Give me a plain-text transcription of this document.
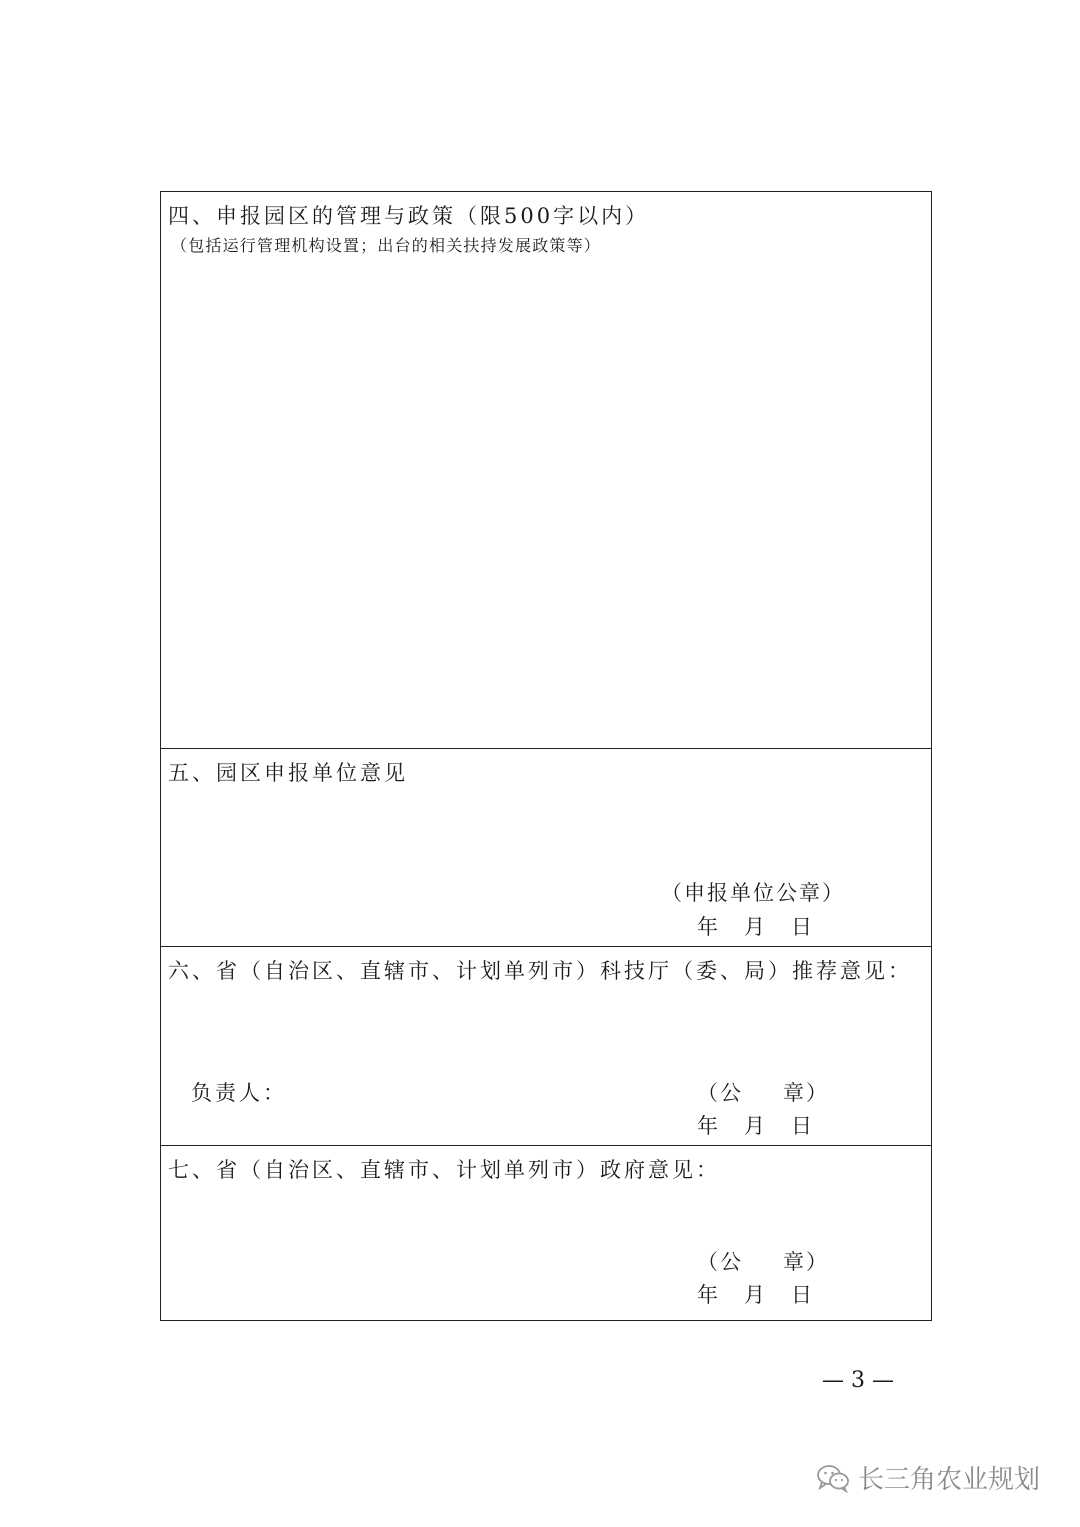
四、申报园区的管理与政策（限500字以内）
（包括运行管理机构设置；出台的相关扶持发展政策等）
五、园区申报单位意见
（申报单位公章）
年 月 日
六、省（自治区、直辖市、计划单列市）科技厅（委、局）推荐意见：
负责人：	（公 章）
年 月 日
七、省（自治区、直辖市、计划单列市）政府意见：
（公 章）
年 月 日
— 3 —
长三角农业规划
